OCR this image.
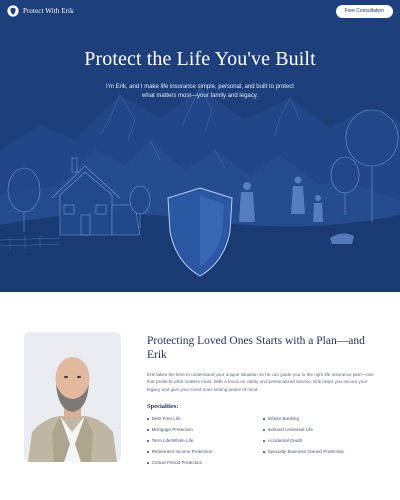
Protect With Erik	Free Consultation
Protect the Life You've Built

I'm Erik, and I make life insurance simple, personal, and built to protect what matters most—your family and legacy.

Protecting Loved Ones Starts with a Plan—and Erik

Erik takes the time to understand your unique situation so he can guide you to the right life insurance plan—one that protects what matters most. With a focus on clarity and personalized service, Erik helps you secure your legacy and give your loved ones lasting peace of mind.

Specialties:
Debt Free Life	Infinite Banking
Mortgage Protection	Indexed Universal Life
Term Life/Whole Life	Accidental Death
Retirement Income Protection	Specialty Business Owned Protection
Critical Period Protection
